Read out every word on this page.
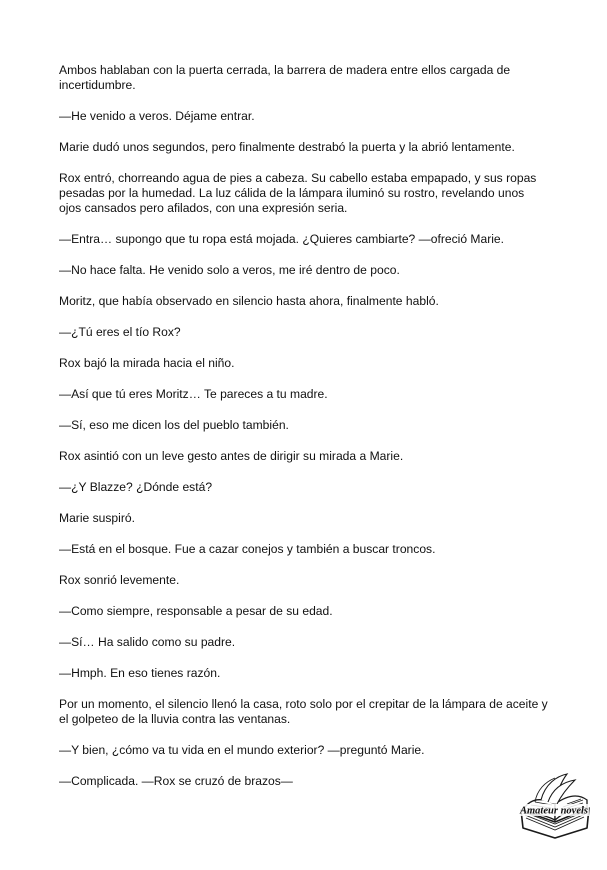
Ambos hablaban con la puerta cerrada, la barrera de madera entre ellos cargada de incertidumbre.

—He venido a veros. Déjame entrar.

Marie dudó unos segundos, pero finalmente destrabó la puerta y la abrió lentamente.

Rox entró, chorreando agua de pies a cabeza. Su cabello estaba empapado, y sus ropas pesadas por la humedad. La luz cálida de la lámpara iluminó su rostro, revelando unos ojos cansados pero afilados, con una expresión seria.

—Entra… supongo que tu ropa está mojada. ¿Quieres cambiarte? —ofreció Marie.

—No hace falta. He venido solo a veros, me iré dentro de poco.

Moritz, que había observado en silencio hasta ahora, finalmente habló.

—¿Tú eres el tío Rox?

Rox bajó la mirada hacia el niño.

—Así que tú eres Moritz… Te pareces a tu madre.

—Sí, eso me dicen los del pueblo también.

Rox asintió con un leve gesto antes de dirigir su mirada a Marie.

—¿Y Blazze? ¿Dónde está?

Marie suspiró.

—Está en el bosque. Fue a cazar conejos y también a buscar troncos.

Rox sonrió levemente.

—Como siempre, responsable a pesar de su edad.

—Sí… Ha salido como su padre.

—Hmph. En eso tienes razón.

Por un momento, el silencio llenó la casa, roto solo por el crepitar de la lámpara de aceite y el golpeteo de la lluvia contra las ventanas.

—Y bien, ¿cómo va tu vida en el mundo exterior? —preguntó Marie.

—Complicada. —Rox se cruzó de brazos—

Amateur novels
